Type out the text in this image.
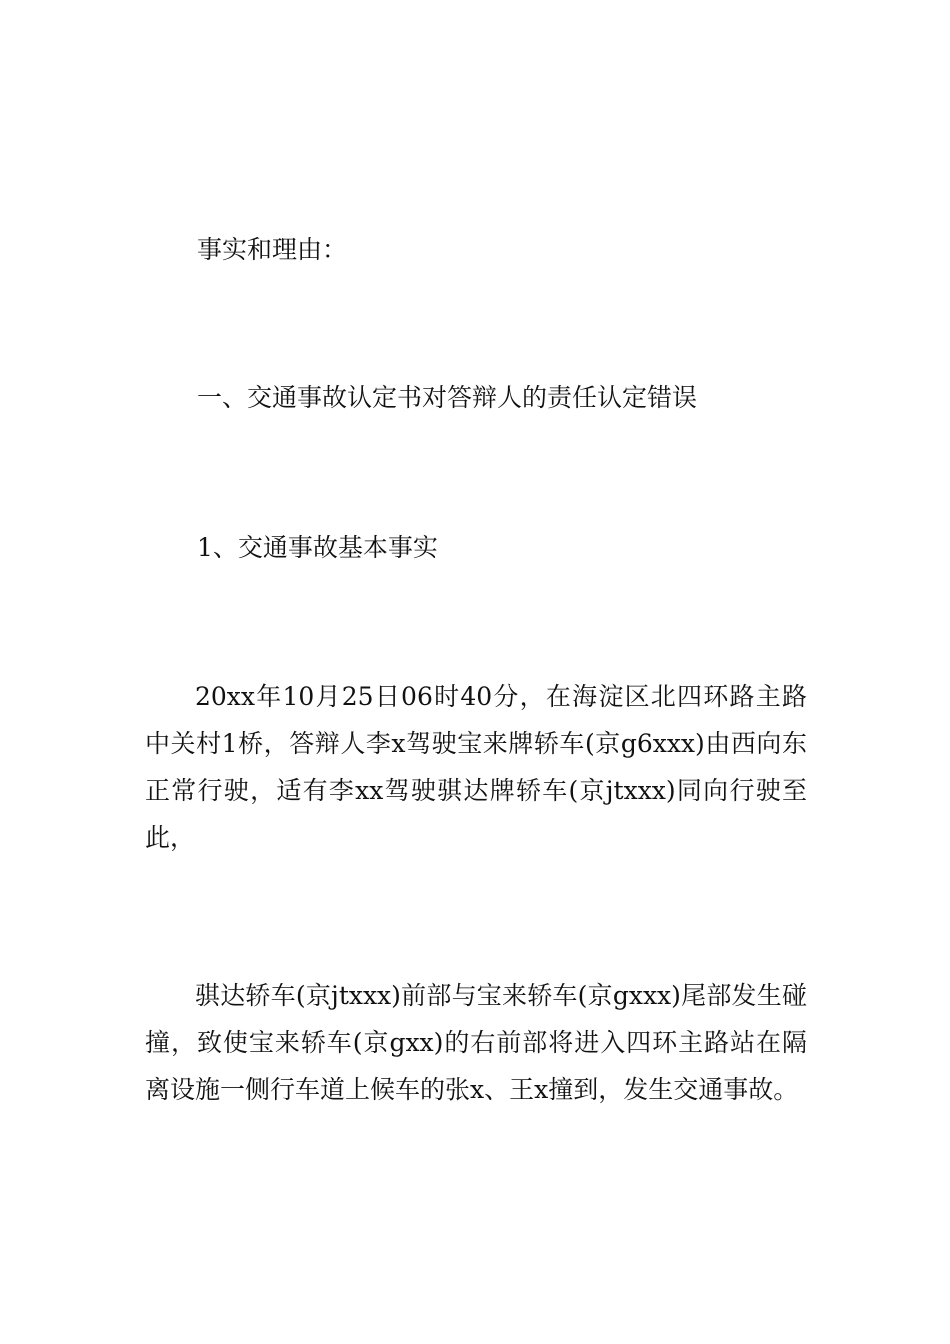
事实和理由：

一、交通事故认定书对答辩人的责任认定错误

1、交通事故基本事实

20xx年10月25日06时40分，在海淀区北四环路主路中关村1桥，答辩人李x驾驶宝来牌轿车(京g6xxx)由西向东正常行驶，适有李xx驾驶骐达牌轿车(京jtxxx)同向行驶至此，

骐达轿车(京jtxxx)前部与宝来轿车(京gxxx)尾部发生碰撞，致使宝来轿车(京gxx)的右前部将进入四环主路站在隔离设施一侧行车道上候车的张x、王x撞到，发生交通事故。
